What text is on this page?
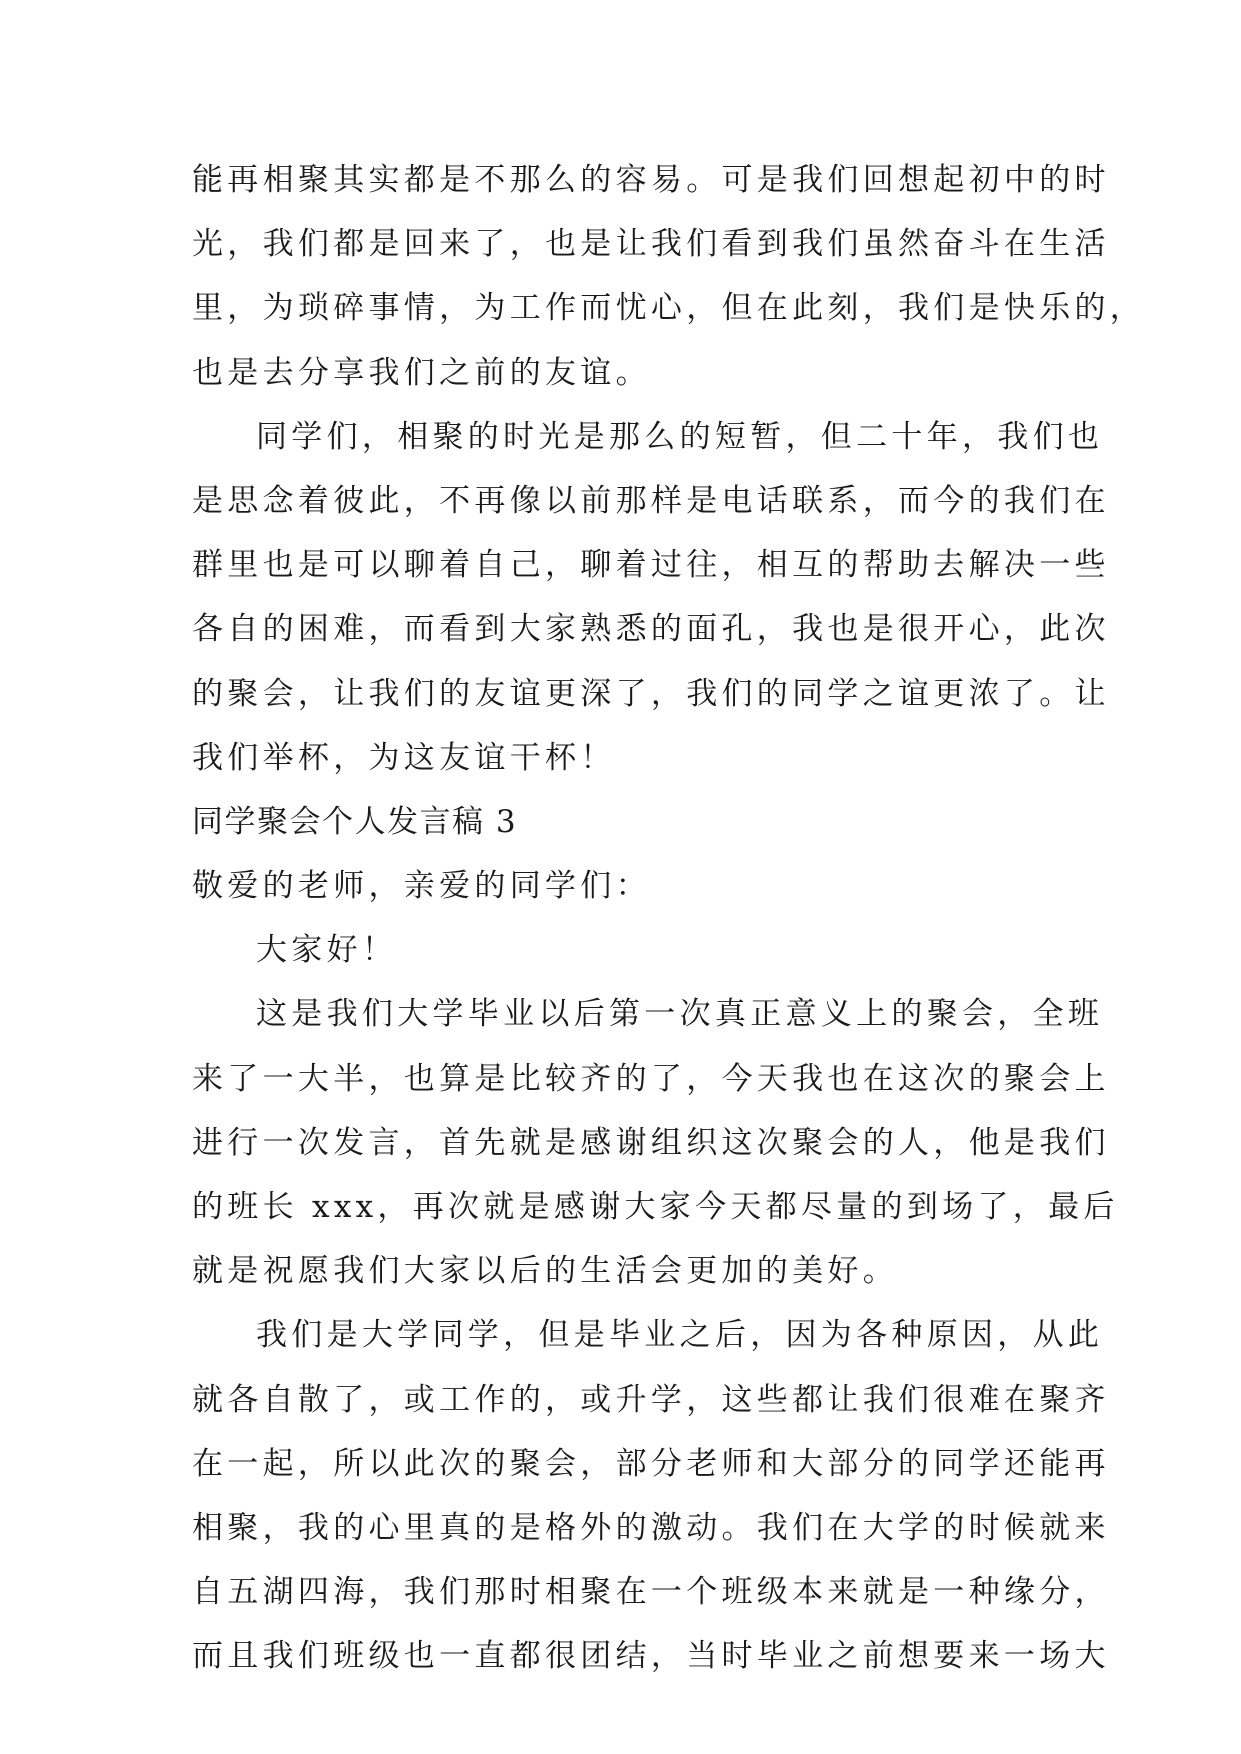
能再相聚其实都是不那么的容易。可是我们回想起初中的时
光，我们都是回来了，也是让我们看到我们虽然奋斗在生活
里，为琐碎事情，为工作而忧心，但在此刻，我们是快乐的，
也是去分享我们之前的友谊。
同学们，相聚的时光是那么的短暂，但二十年，我们也
是思念着彼此，不再像以前那样是电话联系，而今的我们在
群里也是可以聊着自己，聊着过往，相互的帮助去解决一些
各自的困难，而看到大家熟悉的面孔，我也是很开心，此次
的聚会，让我们的友谊更深了，我们的同学之谊更浓了。让
我们举杯，为这友谊干杯！
同学聚会个人发言稿 3
敬爱的老师，亲爱的同学们：
大家好！
这是我们大学毕业以后第一次真正意义上的聚会，全班
来了一大半，也算是比较齐的了，今天我也在这次的聚会上
进行一次发言，首先就是感谢组织这次聚会的人，他是我们
的班长 xxx，再次就是感谢大家今天都尽量的到场了，最后
就是祝愿我们大家以后的生活会更加的美好。
我们是大学同学，但是毕业之后，因为各种原因，从此
就各自散了，或工作的，或升学，这些都让我们很难在聚齐
在一起，所以此次的聚会，部分老师和大部分的同学还能再
相聚，我的心里真的是格外的激动。我们在大学的时候就来
自五湖四海，我们那时相聚在一个班级本来就是一种缘分，
而且我们班级也一直都很团结，当时毕业之前想要来一场大
